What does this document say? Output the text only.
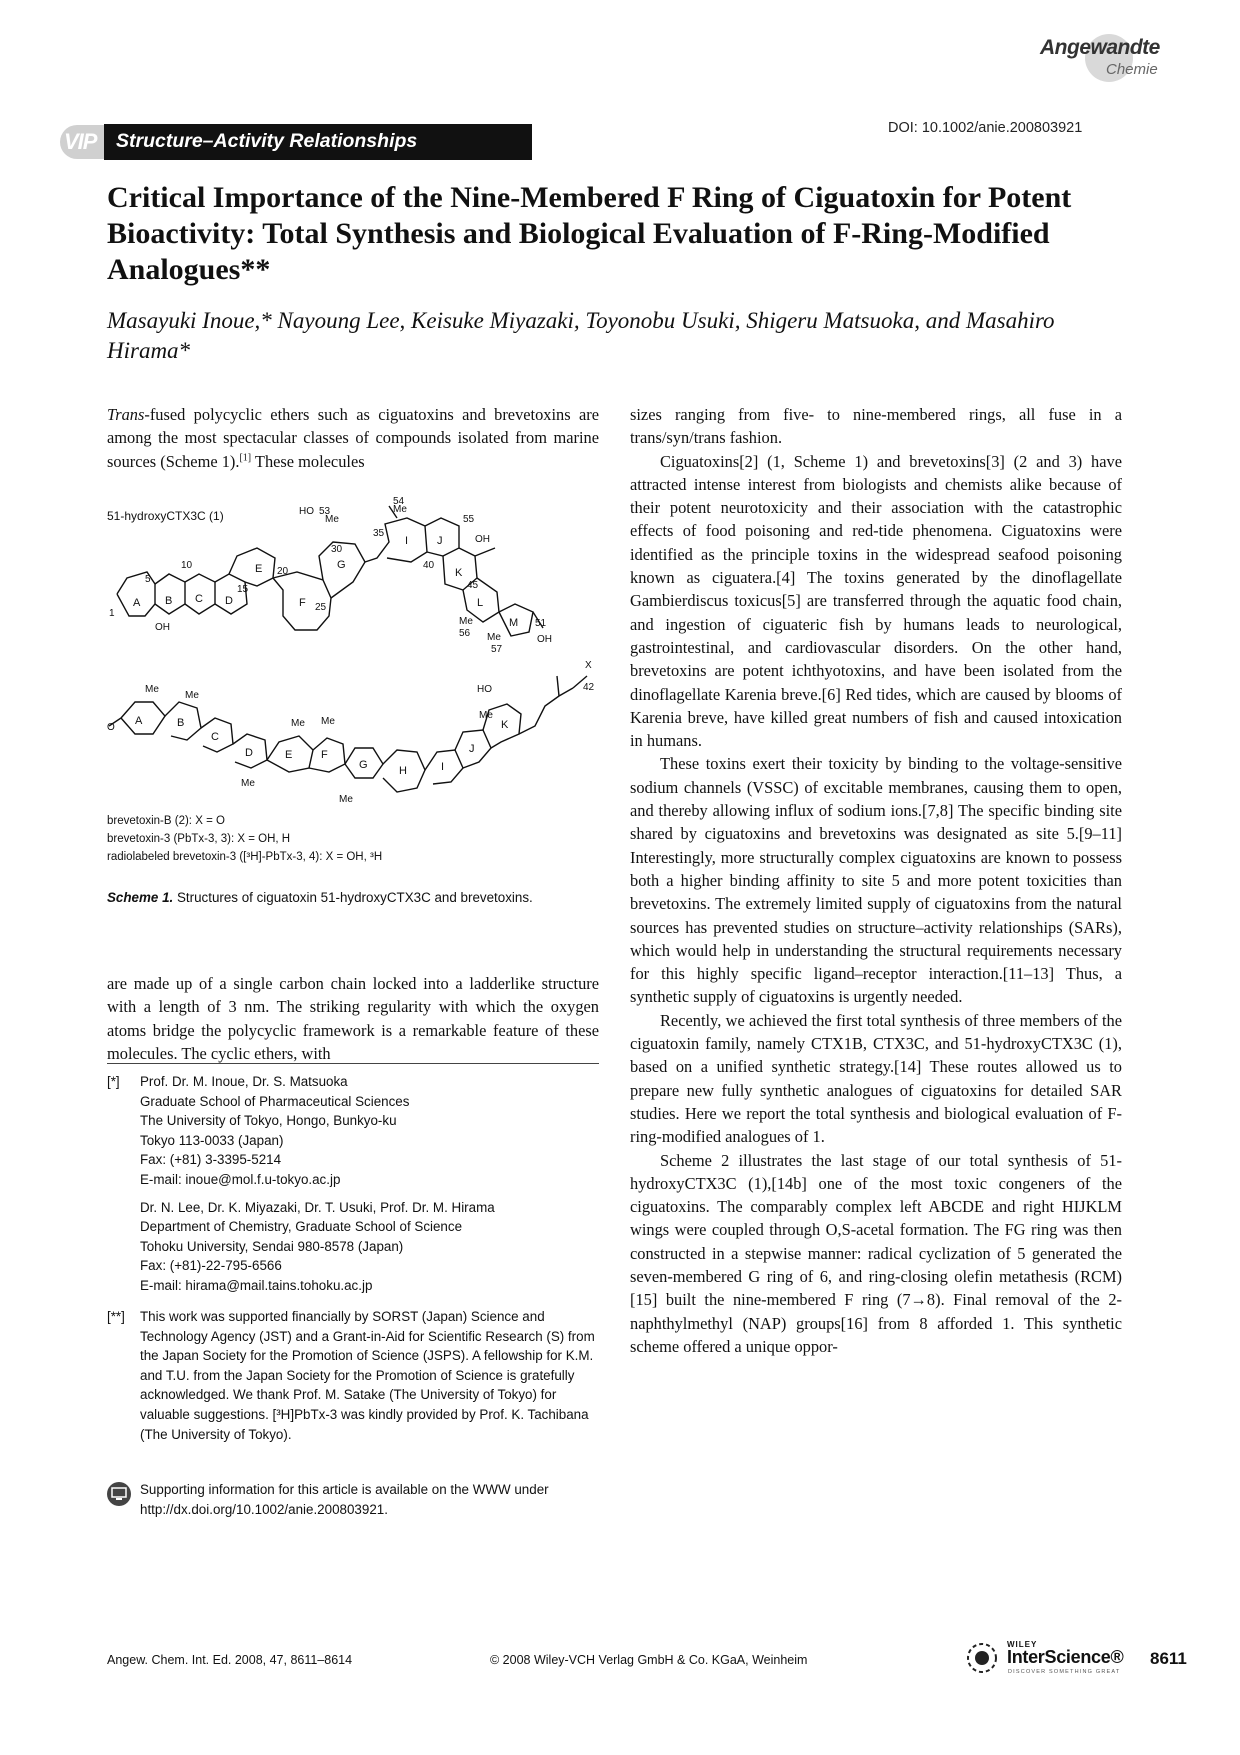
Angewandte
Chemie
DOI: 10.1002/anie.200803921
VIP Structure–Activity Relationships
Critical Importance of the Nine-Membered F Ring of Ciguatoxin for Potent Bioactivity: Total Synthesis and Biological Evaluation of F-Ring-Modified Analogues**
Masayuki Inoue,* Nayoung Lee, Keisuke Miyazaki, Toyonobu Usuki, Shigeru Matsuoka, and Masahiro Hirama*

Trans-fused polycyclic ethers such as ciguatoxins and brevetoxins are among the most spectacular classes of compounds isolated from marine sources (Scheme 1).[1] These molecules

51-hydroxyCTX3C (1)
A B C D
E
F
G
I	J
K
L
M
HO
Me
Me
OH
OH
OH
Me
Me
1
5
10
15
20
25
30
35
40
45
51
53
54
55
56
57
A	B
C
D	E	F
G	H	I
J
K
O
Me
Me
Me Me
Me
Me
HO
Me
X
42
brevetoxin-B (2): X = O
brevetoxin-3 (PbTx-3, 3): X = OH, H
radiolabeled brevetoxin-3 ([³H]-PbTx-3, 4): X = OH, ³H
Scheme 1. Structures of ciguatoxin 51-hydroxyCTX3C and brevetoxins.

are made up of a single carbon chain locked into a ladderlike structure with a length of 3 nm. The striking regularity with which the oxygen atoms bridge the polycyclic framework is a remarkable feature of these molecules. The cyclic ethers, with

[*] Prof. Dr. M. Inoue, Dr. S. Matsuoka
Graduate School of Pharmaceutical Sciences
The University of Tokyo, Hongo, Bunkyo-ku
Tokyo 113-0033 (Japan)
Fax: (+81) 3-3395-5214
E-mail: inoue@mol.f.u-tokyo.ac.jp

Dr. N. Lee, Dr. K. Miyazaki, Dr. T. Usuki, Prof. Dr. M. Hirama
Department of Chemistry, Graduate School of Science
Tohoku University, Sendai 980-8578 (Japan)
Fax: (+81)-22-795-6566
E-mail: hirama@mail.tains.tohoku.ac.jp

[**] This work was supported financially by SORST (Japan) Science and Technology Agency (JST) and a Grant-in-Aid for Scientific Research (S) from the Japan Society for the Promotion of Science (JSPS). A fellowship for K.M. and T.U. from the Japan Society for the Promotion of Science is gratefully acknowledged. We thank Prof. M. Satake (The University of Tokyo) for valuable suggestions. [³H]PbTx-3 was kindly provided by Prof. K. Tachibana (The University of Tokyo).
Supporting information for this article is available on the WWW under http://dx.doi.org/10.1002/anie.200803921.

sizes ranging from five- to nine-membered rings, all fuse in a trans/syn/trans fashion.

Ciguatoxins[2] (1, Scheme 1) and brevetoxins[3] (2 and 3) have attracted intense interest from biologists and chemists alike because of their potent neurotoxicity and their association with the catastrophic effects of food poisoning and red-tide phenomena. Ciguatoxins were identified as the principle toxins in the widespread seafood poisoning known as ciguatera.[4] The toxins generated by the dinoflagellate Gambierdiscus toxicus[5] are transferred through the aquatic food chain, and ingestion of ciguateric fish by humans leads to neurological, gastrointestinal, and cardiovascular disorders. On the other hand, brevetoxins are potent ichthyotoxins, and have been isolated from the dinoflagellate Karenia breve.[6] Red tides, which are caused by blooms of Karenia breve, have killed great numbers of fish and caused intoxication in humans.

These toxins exert their toxicity by binding to the voltage-sensitive sodium channels (VSSC) of excitable membranes, causing them to open, and thereby allowing influx of sodium ions.[7,8] The specific binding site shared by ciguatoxins and brevetoxins was designated as site 5.[9–11] Interestingly, more structurally complex ciguatoxins are known to possess both a higher binding affinity to site 5 and more potent toxicities than brevetoxins. The extremely limited supply of ciguatoxins from the natural sources has prevented studies on structure–activity relationships (SARs), which would help in understanding the structural requirements necessary for this highly specific ligand–receptor interaction.[11–13] Thus, a synthetic supply of ciguatoxins is urgently needed.

Recently, we achieved the first total synthesis of three members of the ciguatoxin family, namely CTX1B, CTX3C, and 51-hydroxyCTX3C (1), based on a unified synthetic strategy.[14] These routes allowed us to prepare new fully synthetic analogues of ciguatoxins for detailed SAR studies. Here we report the total synthesis and biological evaluation of F-ring-modified analogues of 1.

Scheme 2 illustrates the last stage of our total synthesis of 51-hydroxyCTX3C (1),[14b] one of the most toxic congeners of the ciguatoxins. The comparably complex left ABCDE and right HIJKLM wings were coupled through O,S-acetal formation. The FG ring was then constructed in a stepwise manner: radical cyclization of 5 generated the seven-membered G ring of 6, and ring-closing olefin metathesis (RCM)[15] built the nine-membered F ring (7→8). Final removal of the 2-naphthylmethyl (NAP) groups[16] from 8 afforded 1. This synthetic scheme offered a unique oppor-

Angew. Chem. Int. Ed. 2008, 47, 8611–8614	© 2008 Wiley-VCH Verlag GmbH & Co. KGaA, Weinheim
WILEY
InterScience®
DISCOVER SOMETHING GREAT
8611
